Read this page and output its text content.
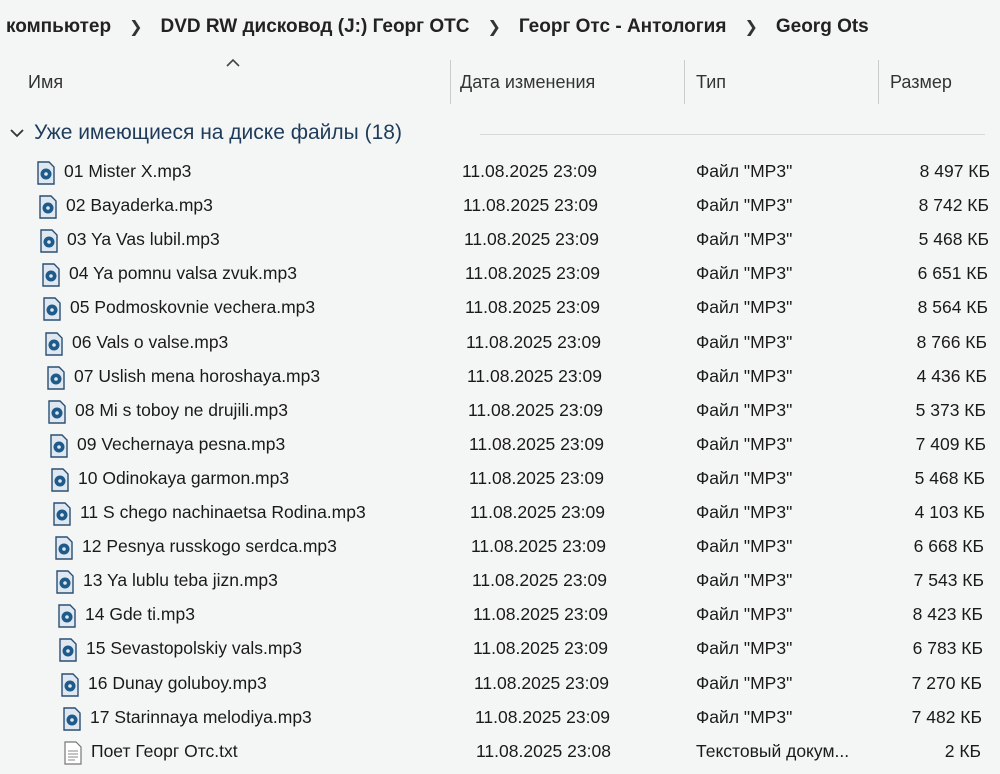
компьютер	❯ DVD RW дисковод (J:) Георг ОТС	❯ Георг Отс - Антология	❯ Georg Ots
Имя	Дата изменения	Тип	Размер
Уже имеющиеся на диске файлы (18)
01 Mister X.mp3	11.08.2025 23:09	Файл "MP3"	8 497 КБ
02 Bayaderka.mp3	11.08.2025 23:09	Файл "MP3"	8 742 КБ
03 Ya Vas lubil.mp3	11.08.2025 23:09	Файл "MP3"	5 468 КБ
04 Ya pomnu valsa zvuk.mp3	11.08.2025 23:09	Файл "MP3"	6 651 КБ
05 Podmoskovnie vechera.mp3	11.08.2025 23:09	Файл "MP3"	8 564 КБ
06 Vals o valse.mp3	11.08.2025 23:09	Файл "MP3"	8 766 КБ
07 Uslish mena horoshaya.mp3	11.08.2025 23:09	Файл "MP3"	4 436 КБ
08 Mi s toboy ne drujili.mp3	11.08.2025 23:09	Файл "MP3"	5 373 КБ
09 Vechernaya pesna.mp3	11.08.2025 23:09	Файл "MP3"	7 409 КБ
10 Odinokaya garmon.mp3	11.08.2025 23:09	Файл "MP3"	5 468 КБ
11 S chego nachinaetsa Rodina.mp3	11.08.2025 23:09	Файл "MP3"	4 103 КБ
12 Pesnya russkogo serdca.mp3	11.08.2025 23:09	Файл "MP3"	6 668 КБ
13 Ya lublu teba jizn.mp3	11.08.2025 23:09	Файл "MP3"	7 543 КБ
14 Gde ti.mp3	11.08.2025 23:09	Файл "MP3"	8 423 КБ
15 Sevastopolskiy vals.mp3	11.08.2025 23:09	Файл "MP3"	6 783 КБ
16 Dunay goluboy.mp3	11.08.2025 23:09	Файл "MP3"	7 270 КБ
17 Starinnaya melodiya.mp3	11.08.2025 23:09	Файл "MP3"	7 482 КБ
Поет Георг Отс.txt	11.08.2025 23:08	Текстовый докум...	2 КБ
